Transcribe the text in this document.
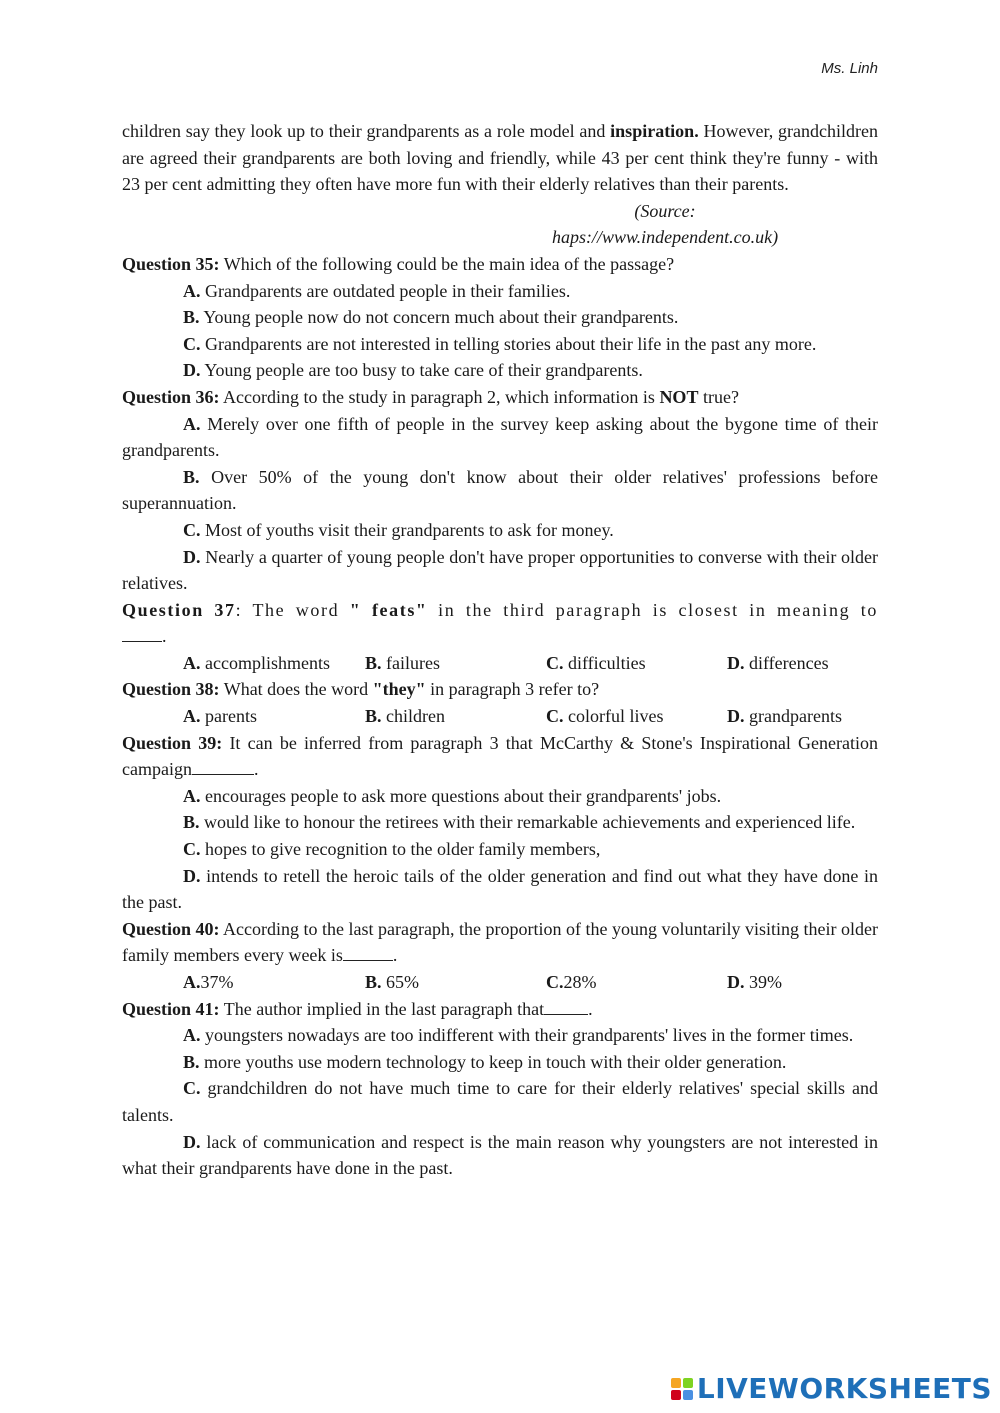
Ms. Linh

children say they look up to their grandparents as a role model and inspiration. However, grandchildren are agreed their grandparents are both loving and friendly, while 43 per cent think they're funny - with 23 per cent admitting they often have more fun with their elderly relatives than their parents.

(Source:

haps://www.independent.co.uk)

Question 35: Which of the following could be the main idea of the passage?

A. Grandparents are outdated people in their families.

B. Young people now do not concern much about their grandparents.

C. Grandparents are not interested in telling stories about their life in the past any more.

D. Young people are too busy to take care of their grandparents.

Question 36: According to the study in paragraph 2, which information is NOT true?

A. Merely over one fifth of people in the survey keep asking about the bygone time of their grandparents.

B. Over 50% of the young don't know about their older relatives' professions before superannuation.

C. Most of youths visit their grandparents to ask for money.

D. Nearly a quarter of young people don't have proper opportunities to converse with their older relatives.

Question 37: The word " feats" in the third paragraph is closest in meaning to.

A. accomplishments	B. failures	C. difficulties	D. differences

Question 38: What does the word "they" in paragraph 3 refer to?

A. parents	B. children	C. colorful lives	D. grandparents

Question 39: It can be inferred from paragraph 3 that McCarthy & Stone's Inspirational Generation campaign	.

A. encourages people to ask more questions about their grandparents' jobs.

B. would like to honour the retirees with their remarkable achievements and experienced life.

C. hopes to give recognition to the older family members,

D. intends to retell the heroic tails of the older generation and find out what they have done in the past.

Question 40: According to the last paragraph, the proportion of the young voluntarily visiting their older family members every week is	.

A.37%	B. 65%	C.28%	D. 39%

Question 41: The author implied in the last paragraph that .

A. youngsters nowadays are too indifferent with their grandparents' lives in the former times.

B. more youths use modern technology to keep in touch with their older generation.

C. grandchildren do not have much time to care for their elderly relatives' special skills and talents.

D. lack of communication and respect is the main reason why youngsters are not interested in what their grandparents have done in the past.

LIVEWORKSHEETS
